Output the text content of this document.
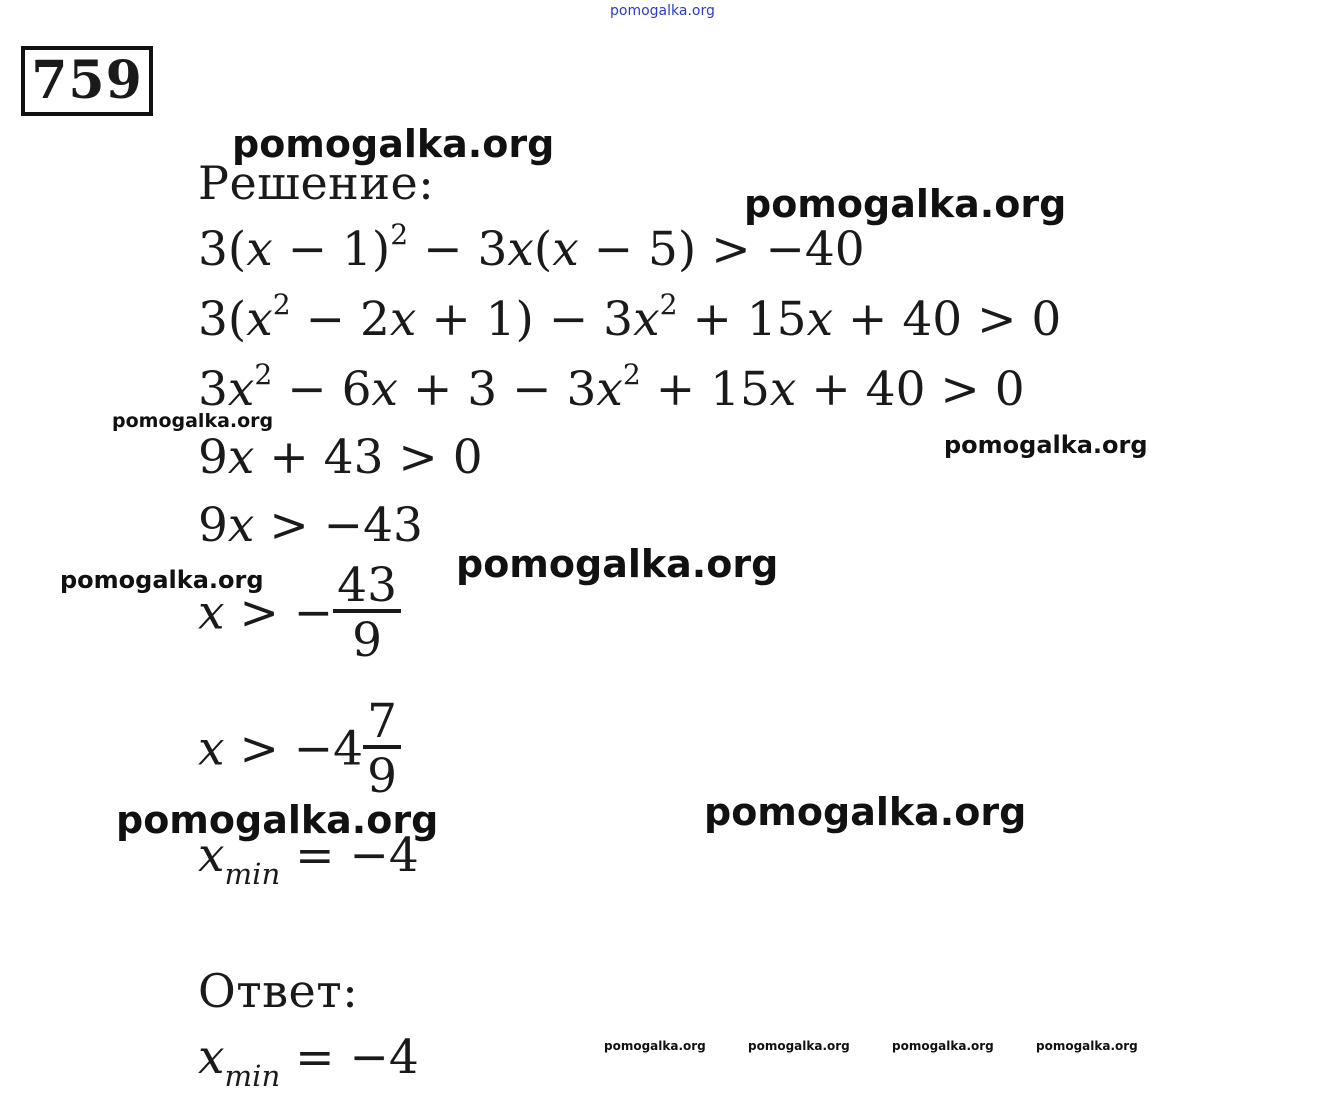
pomogalka.org
759
Решение:
$3(x - 1)^2 - 3x(x - 5) > -40$
$3(x^2 - 2x + 1) - 3x^2 + 15x + 40 > 0$
$3x^2 - 6x + 3 - 3x^2 + 15x + 40 > 0$
9x + 43 > 0
9x > −43
x > − $\frac{43}{9}$
$x > -4 \frac{7}{9}$
$x_{min} = -4$
Ответ:
$x_{min} = -4$
pomogalka.org
pomogalka.org
pomogalka.org
pomogalka.org
pomogalka.org
pomogalka.org
pomogalka.org	pomogalka.org
pomogalka.org	pomogalka.org	pomogalka.org	pomogalka.org
